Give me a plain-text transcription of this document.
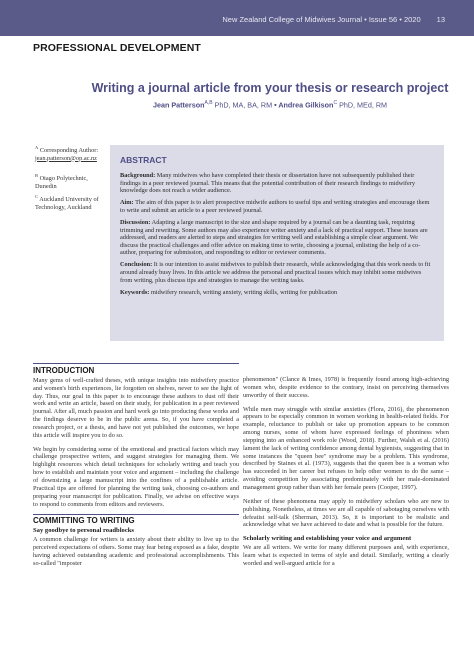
New Zealand College of Midwives Journal • Issue 56 • 2020 13
PROFESSIONAL DEVELOPMENT
Writing a journal article from your thesis or research project
Jean Patterson$^{A,B}$ PhD, MA, BA, RM • Andrea Gilkison$^C$ PhD, MEd, RM
$^A$ Corresponding Author: jean.patterson@op.ac.nz
$^B$ Otago Polytechnic, Dunedin
$^C$ Auckland University of Technology, Auckland
ABSTRACT

Background: Many midwives who have completed their thesis or dissertation have not subsequently published their findings in a peer reviewed journal. This means that the potential contribution of their research findings to midwifery knowledge does not reach a wider audience.

Aim: The aim of this paper is to alert prospective midwife authors to useful tips and writing strategies and encourage them to write and submit an article to a peer reviewed journal.

Discussion: Adapting a large manuscript to the size and shape required by a journal can be a daunting task, requiring trimming and rewriting. Some authors may also experience writer anxiety and a lack of practical support. These issues are addressed, and readers are alerted to steps and strategies for writing well and establishing a simple clear argument. We discuss the practical challenges and offer advice on making time to write, choosing a journal, enlisting the help of a co-author, preparing for submission, and responding to editor or reviewer comments.

Conclusion: It is our intention to assist midwives to publish their research, while acknowledging that this work needs to fit around already busy lives. In this article we address the personal and practical issues which may inhibit some midwives from writing, plus discuss tips and strategies to manage the writing tasks.

Keywords: midwifery research, writing anxiety, writing skills, writing for publication

INTRODUCTION

Many gems of well-crafted theses, with unique insights into midwifery practice and women's birth experiences, lie forgotten on shelves, never to see the light of day. Thus, our goal in this paper is to encourage these authors to dust off their work and write an article, based on their study, for publication in a peer reviewed journal. After all, much passion and hard work go into producing these works and the findings deserve to be in the public arena. So, if you have completed a research project, or a thesis, and have not yet published the outcomes, we hope this article will inspire you to do so.

We begin by considering some of the emotional and practical factors which may challenge prospective writers, and suggest strategies for managing them. We highlight resources which detail techniques for scholarly writing and teach you how to establish and maintain your voice and argument – including the challenge of downsizing a large manuscript into the confines of a publishable article. Practical tips are offered for planning the writing task, choosing co-authors and preparing your manuscript for publication. Finally, we advise on effective ways to respond to comments from editors and reviewers.

COMMITTING TO WRITING
Say goodbye to personal roadblocks

A common challenge for writers is anxiety about their ability to live up to the perceived expectations of others. Some may fear being exposed as a fake, despite having achieved outstanding academic and professional accomplishments. This so-called "imposter

phenomenon" (Clance & Imes, 1978) is frequently found among high-achieving women who, despite evidence to the contrary, insist on perceiving themselves unworthy of their success.

While men may struggle with similar anxieties (Flora, 2016), the phenomenon appears to be especially common in women working in health-related fields. For example, reluctance to publish or take up promotion appears to be common among nurses, some of whom have expressed feelings of phoniness when stepping into an enhanced work role (Wood, 2018). Further, Walsh et al. (2016) lament the lack of writing confidence among dental hygienists, suggesting that in some instances the "queen bee" syndrome may be a problem. This syndrome, described by Staines et al. (1973), suggests that the queen bee is a woman who has succeeded in her career but refuses to help other women to do the same – avoiding competition by associating predominately with her male-dominated management group rather than with her female peers (Cooper, 1997).

Neither of these phenomena may apply to midwifery scholars who are new to publishing. Nonetheless, at times we are all capable of sabotaging ourselves with defeatist self-talk (Sherman, 2013). So, it is important to be realistic and acknowledge what we have achieved to date and what is possible for the future.

Scholarly writing and establishing your voice and argument

We are all writers. We write for many different purposes and, with experience, learn what is expected in terms of style and detail. Similarly, writing a clearly worded and well-argued article for a
